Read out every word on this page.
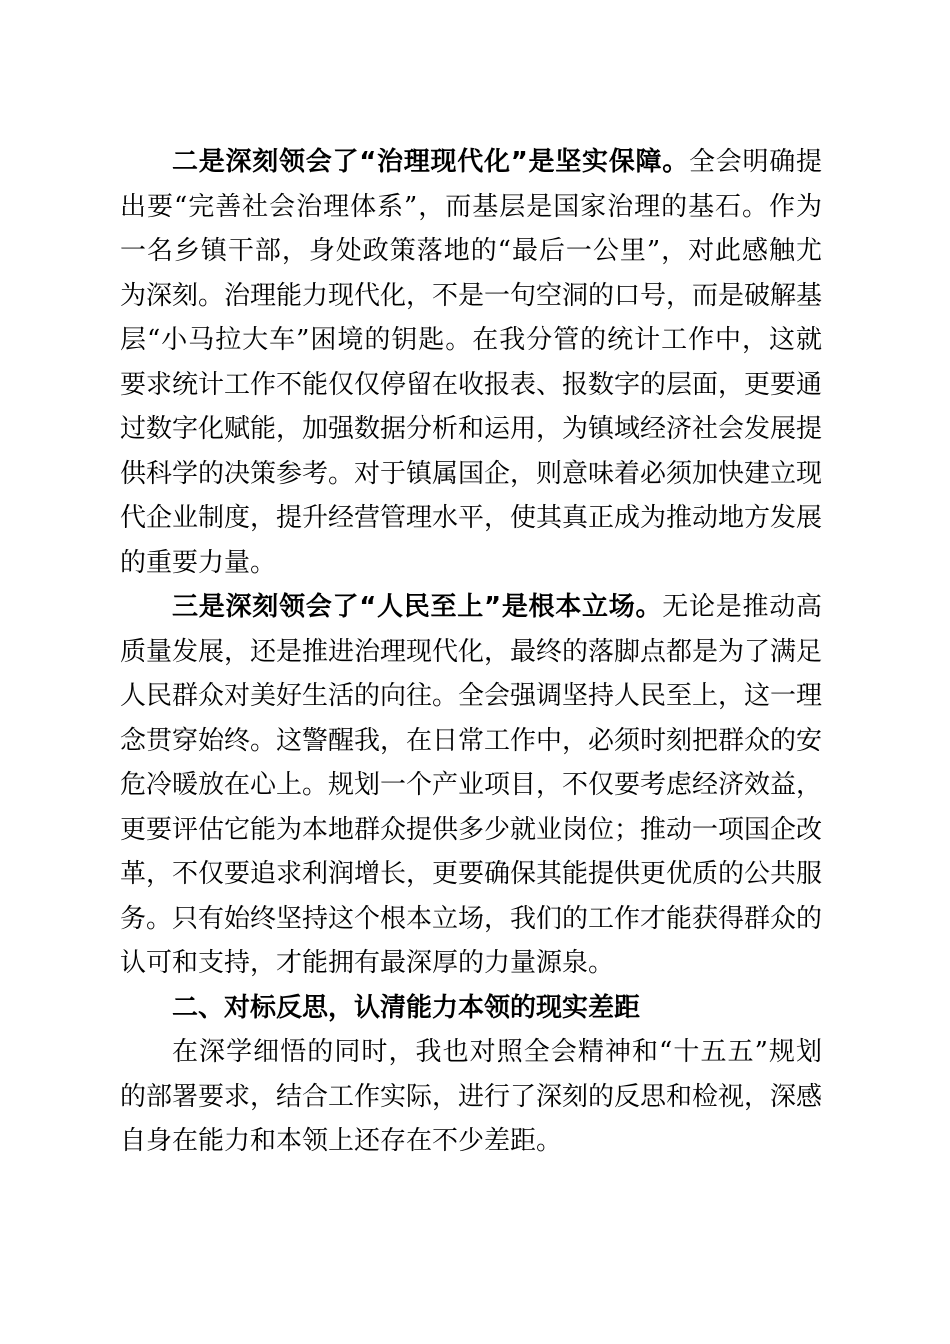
二是深刻领会了“治理现代化”是坚实保障。全会明确提出要“完善社会治理体系”，而基层是国家治理的基石。作为一名乡镇干部，身处政策落地的“最后一公里”，对此感触尤为深刻。治理能力现代化，不是一句空洞的口号，而是破解基层“小马拉大车”困境的钥匙。在我分管的统计工作中，这就要求统计工作不能仅仅停留在收报表、报数字的层面，更要通过数字化赋能，加强数据分析和运用，为镇域经济社会发展提供科学的决策参考。对于镇属国企，则意味着必须加快建立现代企业制度，提升经营管理水平，使其真正成为推动地方发展的重要力量。

三是深刻领会了“人民至上”是根本立场。无论是推动高质量发展，还是推进治理现代化，最终的落脚点都是为了满足人民群众对美好生活的向往。全会强调坚持人民至上，这一理念贯穿始终。这警醒我，在日常工作中，必须时刻把群众的安危冷暖放在心上。规划一个产业项目，不仅要考虑经济效益，更要评估它能为本地群众提供多少就业岗位；推动一项国企改革，不仅要追求利润增长，更要确保其能提供更优质的公共服务。只有始终坚持这个根本立场，我们的工作才能获得群众的认可和支持，才能拥有最深厚的力量源泉。

二、对标反思，认清能力本领的现实差距

在深学细悟的同时，我也对照全会精神和“十五五”规划的部署要求，结合工作实际，进行了深刻的反思和检视，深感自身在能力和本领上还存在不少差距。
